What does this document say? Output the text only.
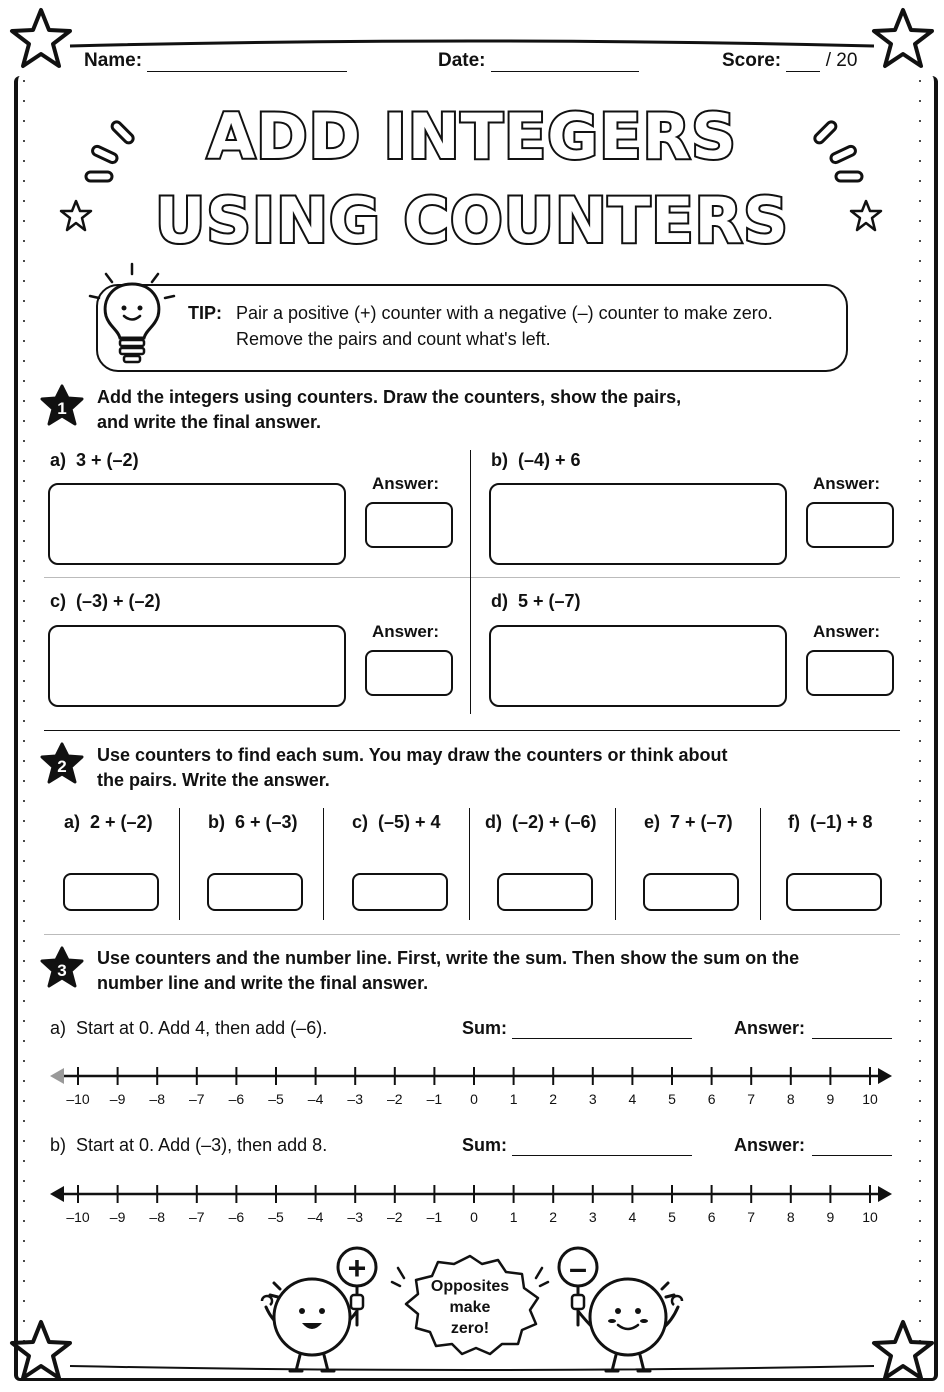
Name:	Date:	Score: / 20
ADD INTEGERS
USING COUNTERS
TIP: Pair a positive (+) counter with a negative (–) counter to make zero.
Remove the pairs and count what's left.
1
Add the integers using counters. Draw the counters, show the pairs,
and write the final answer.
a) 3 + (–2)
Answer:
b) (–4) + 6
Answer:
c) (–3) + (–2)
Answer:
d) 5 + (–7)
Answer:
2
Use counters to find each sum. You may draw the counters or think about
the pairs. Write the answer.
a) 2 + (–2)	b) 6 + (–3)	c) (–5) + 4 d) (–2) + (–6)	e) 7 + (–7)	f) (–1) + 8
3
Use counters and the number line. First, write the sum. Then show the sum on the
number line and write the final answer.
a) Start at 0. Add 4, then add (–6).	Sum:	Answer:
–10 –9 –8 –7 –6 –5 –4 –3 –2 –1 0 1 2 3 4 5 6 7 8 9 10
b) Start at 0. Add (–3), then add 8.	Sum:	Answer:
–10 –9 –8 –7 –6 –5 –4 –3 –2 –1 0 1 2 3 4 5 6 7 8 9 10
+
Opposites
make
zero!
–
